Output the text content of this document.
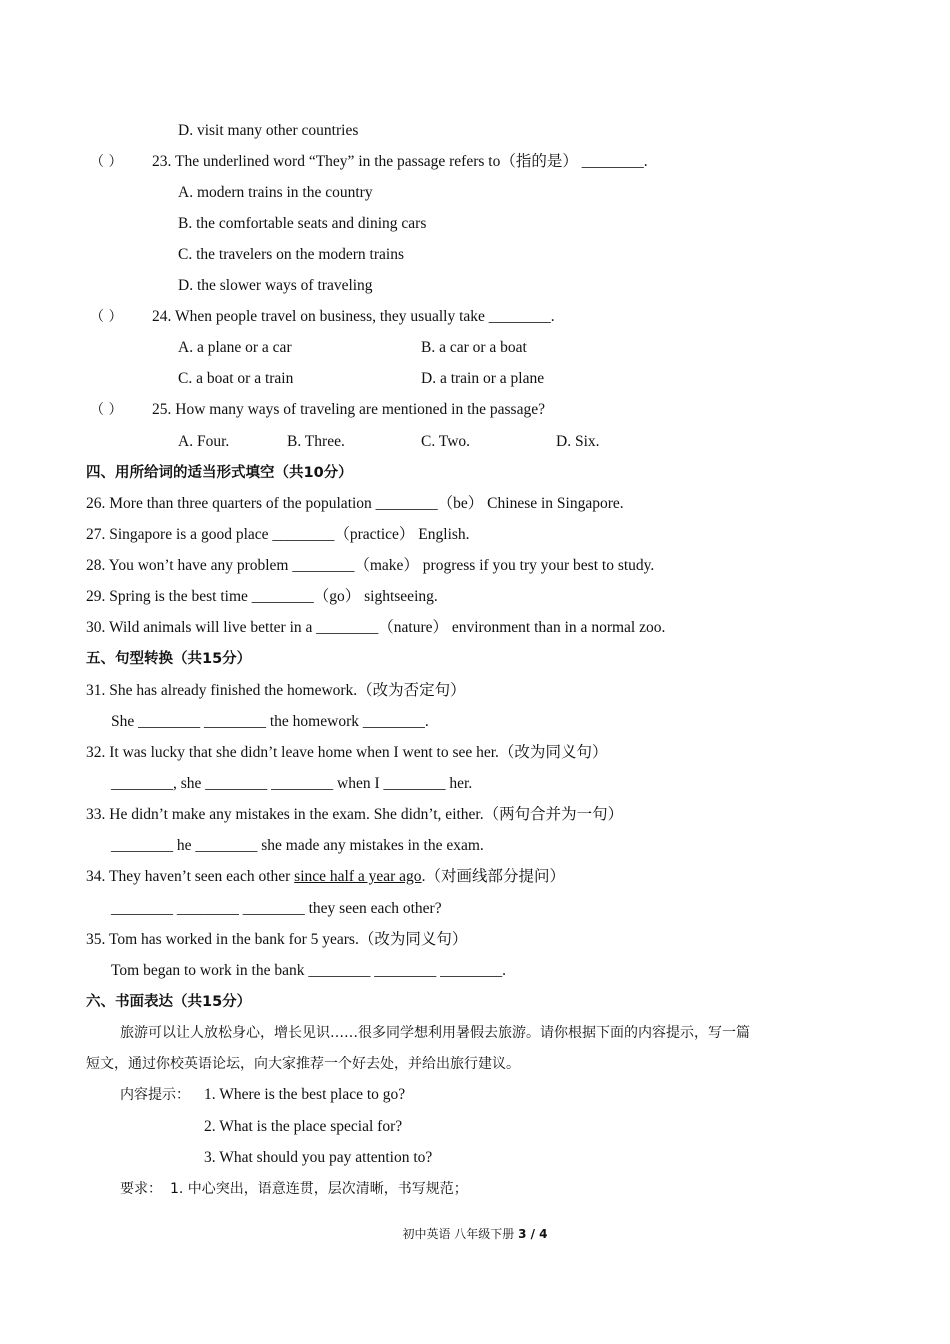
D. visit many other countries
（ ） 23. The underlined word “They” in the passage refers to（指的是） ________.
A. modern trains in the country
B. the comfortable seats and dining cars
C. the travelers on the modern trains
D. the slower ways of traveling
（ ） 24. When people travel on business, they usually take ________.
A. a plane or a car	B. a car or a boat
C. a boat or a train	D. a train or a plane
（ ） 25. How many ways of traveling are mentioned in the passage?
A. Four.	B. Three.	C. Two.	D. Six.
四、用所给词的适当形式填空（共10分）
26. More than three quarters of the population ________（be） Chinese in Singapore.
27. Singapore is a good place ________（practice） English.
28. You won’t have any problem ________（make） progress if you try your best to study.
29. Spring is the best time ________（go） sightseeing.
30. Wild animals will live better in a ________（nature） environment than in a normal zoo.
五、句型转换（共15分）
31. She has already finished the homework.（改为否定句）
She ________ ________ the homework ________.
32. It was lucky that she didn’t leave home when I went to see her.（改为同义句）
________, she ________ ________ when I ________ her.
33. He didn’t make any mistakes in the exam. She didn’t, either.（两句合并为一句）
________ he ________ she made any mistakes in the exam.
34. They haven’t seen each other since half a year ago.（对画线部分提问）
________ ________ ________ they seen each other?
35. Tom has worked in the bank for 5 years.（改为同义句）
Tom began to work in the bank ________ ________ ________.
六、书面表达（共15分）
旅游可以让人放松身心，增长见识……很多同学想利用暑假去旅游。请你根据下面的内容提示，写一篇
短文，通过你校英语论坛，向大家推荐一个好去处，并给出旅行建议。
内容提示： 1. Where is the best place to go?
2. What is the place special for?
3. What should you pay attention to?
要求： 1. 中心突出，语意连贯，层次清晰，书写规范；
初中英语 八年级下册 3 / 4
